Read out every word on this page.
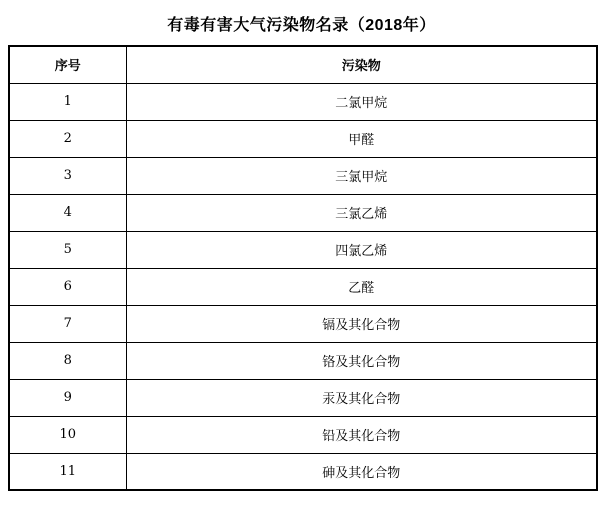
有毒有害大气污染物名录（2018年）
序号	污染物
1	二氯甲烷
2	甲醛
3	三氯甲烷
4	三氯乙烯
5	四氯乙烯
6	乙醛
7	镉及其化合物
8	铬及其化合物
9	汞及其化合物
10	铅及其化合物
11	砷及其化合物
